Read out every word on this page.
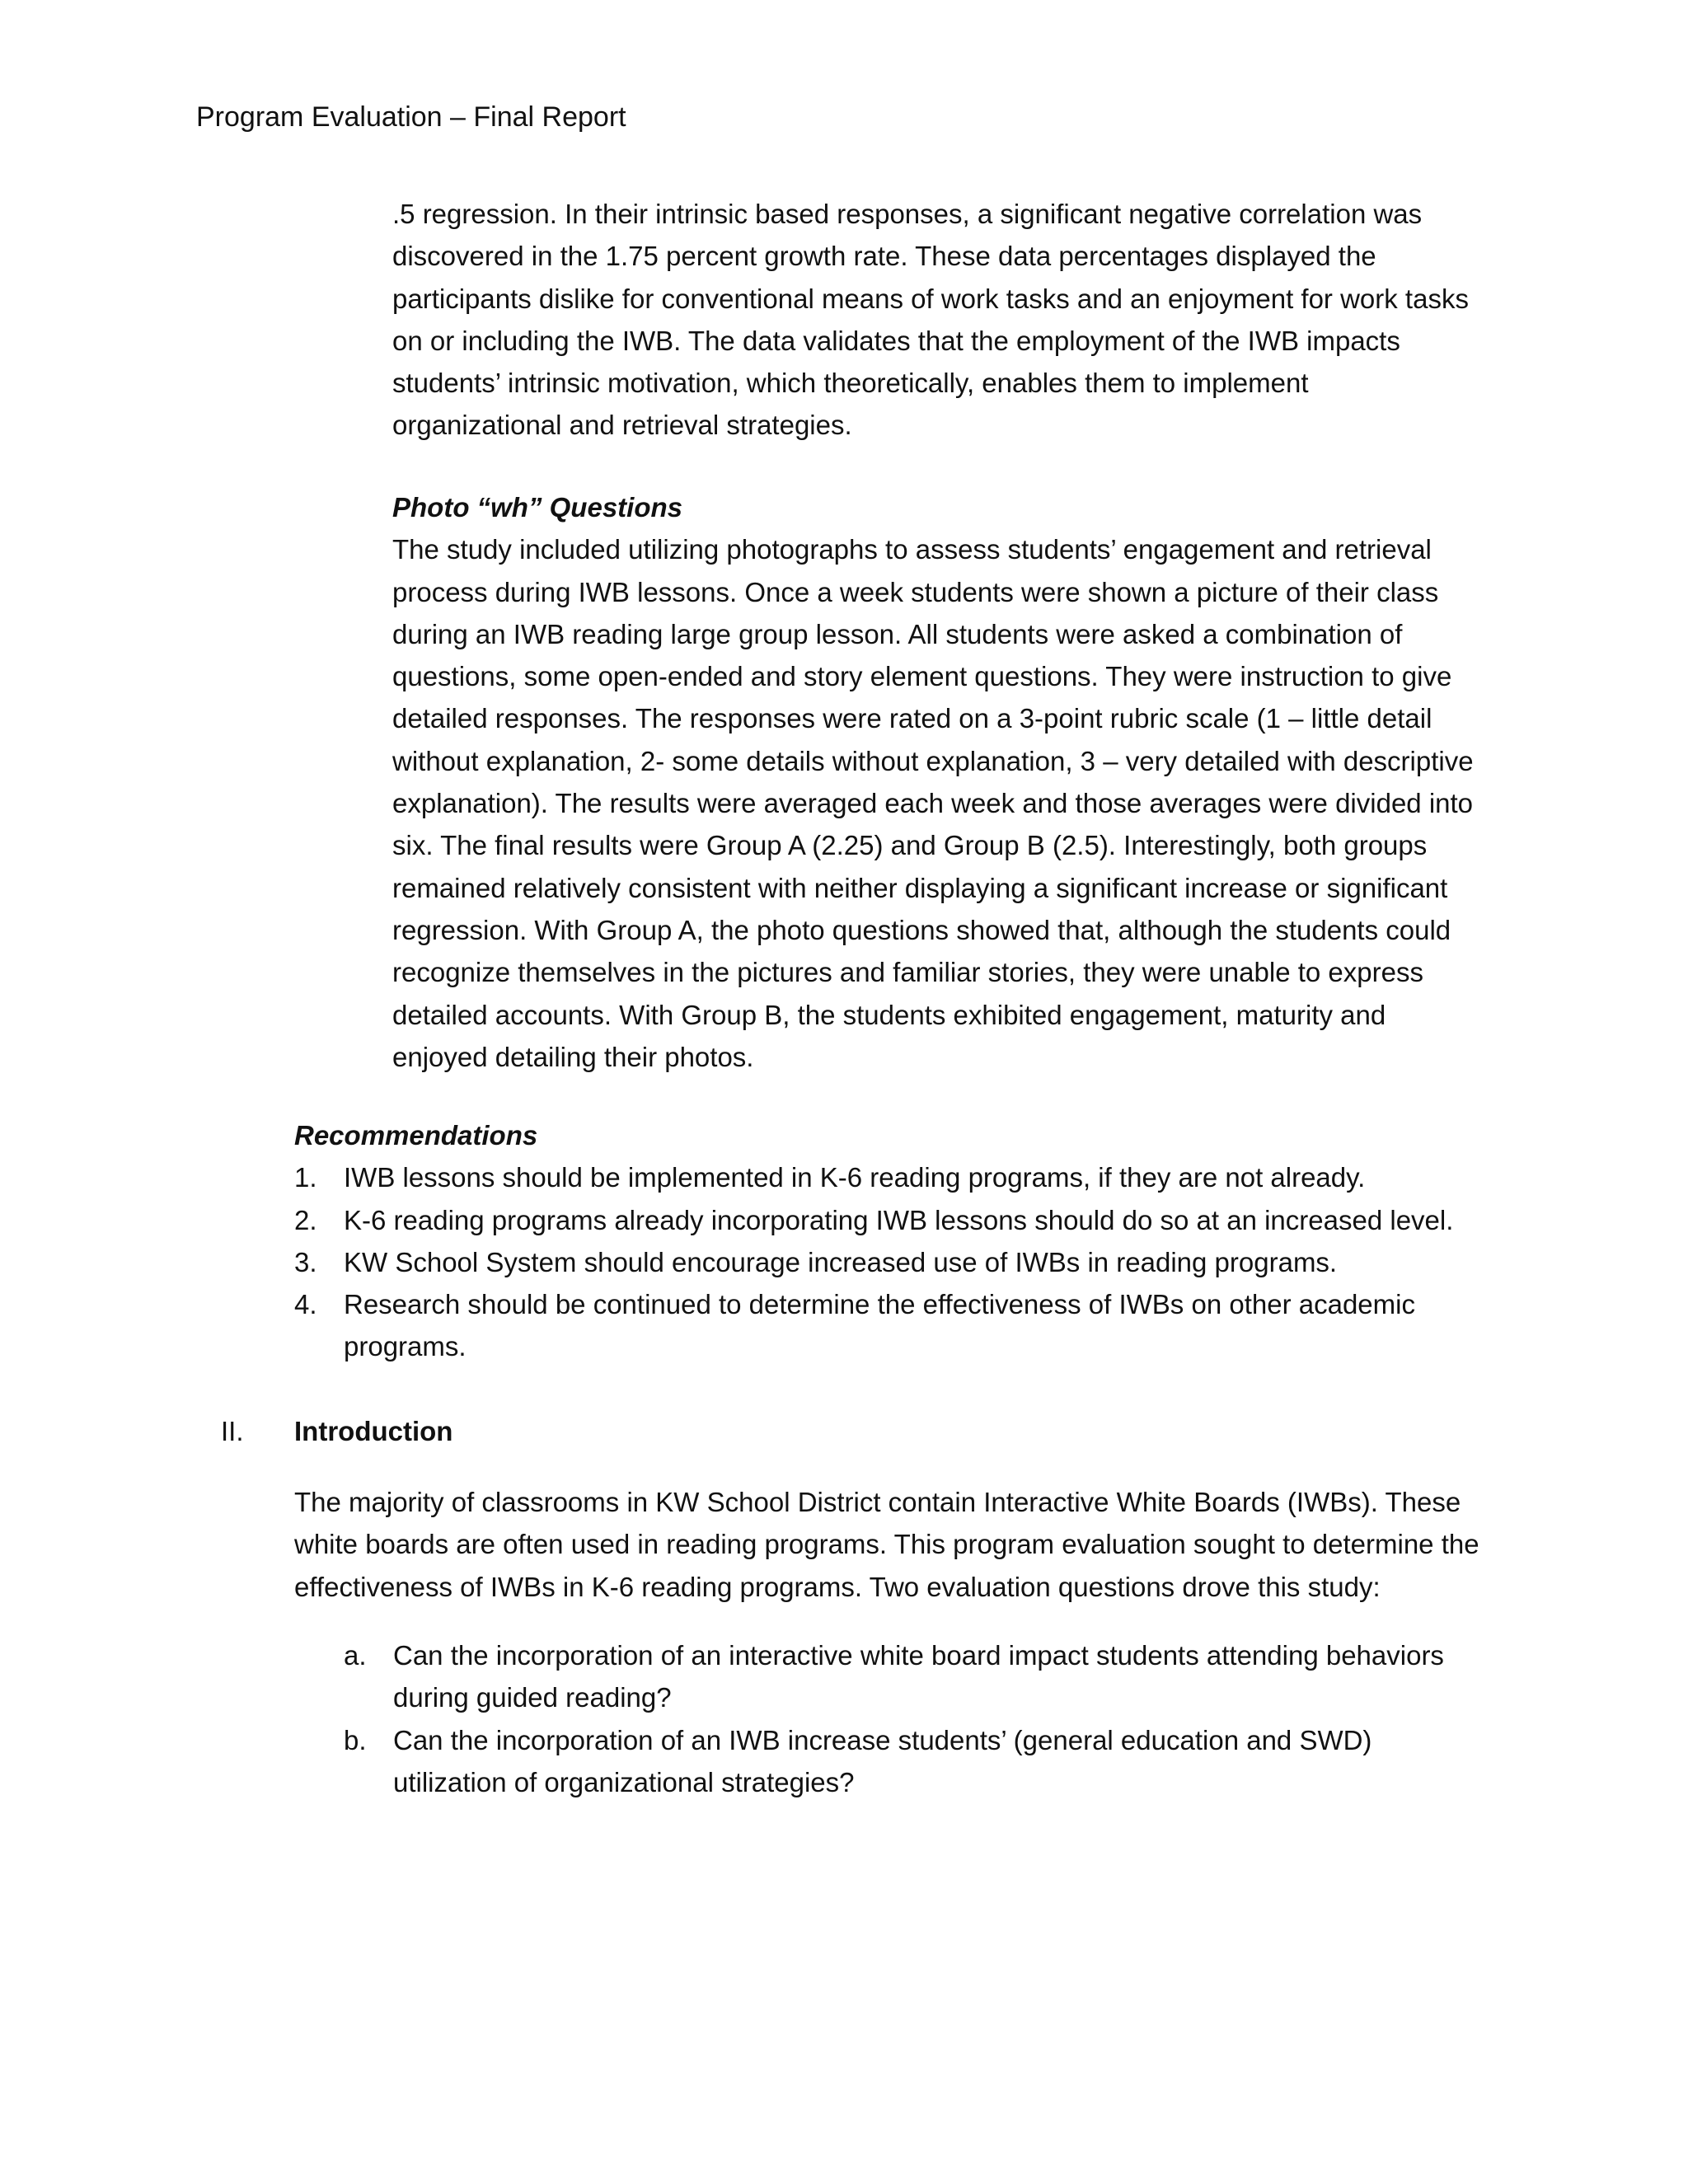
Program Evaluation – Final Report

.5 regression. In their intrinsic based responses, a significant negative correlation was discovered in the 1.75 percent growth rate. These data percentages displayed the participants dislike for conventional means of work tasks and an enjoyment for work tasks on or including the IWB. The data validates that the employment of the IWB impacts students’ intrinsic motivation, which theoretically, enables them to implement organizational and retrieval strategies.

Photo “wh” Questions

The study included utilizing photographs to assess students’ engagement and retrieval process during IWB lessons. Once a week students were shown a picture of their class during an IWB reading large group lesson. All students were asked a combination of questions, some open-ended and story element questions. They were instruction to give detailed responses. The responses were rated on a 3-point rubric scale (1 – little detail without explanation, 2- some details without explanation, 3 – very detailed with descriptive explanation). The results were averaged each week and those averages were divided into six. The final results were Group A (2.25) and Group B (2.5). Interestingly, both groups remained relatively consistent with neither displaying a significant increase or significant regression. With Group A, the photo questions showed that, although the students could recognize themselves in the pictures and familiar stories, they were unable to express detailed accounts. With Group B, the students exhibited engagement, maturity and enjoyed detailing their photos.

Recommendations

1. IWB lessons should be implemented in K-6 reading programs, if they are not already.
2. K-6 reading programs already incorporating IWB lessons should do so at an increased level.
3. KW School System should encourage increased use of IWBs in reading programs.
4. Research should be continued to determine the effectiveness of IWBs on other academic programs.
II. Introduction

The majority of classrooms in KW School District contain Interactive White Boards (IWBs). These white boards are often used in reading programs. This program evaluation sought to determine the effectiveness of IWBs in K-6 reading programs. Two evaluation questions drove this study:

a. Can the incorporation of an interactive white board impact students attending behaviors during guided reading?
b. Can the incorporation of an IWB increase students’ (general education and SWD) utilization of organizational strategies?
